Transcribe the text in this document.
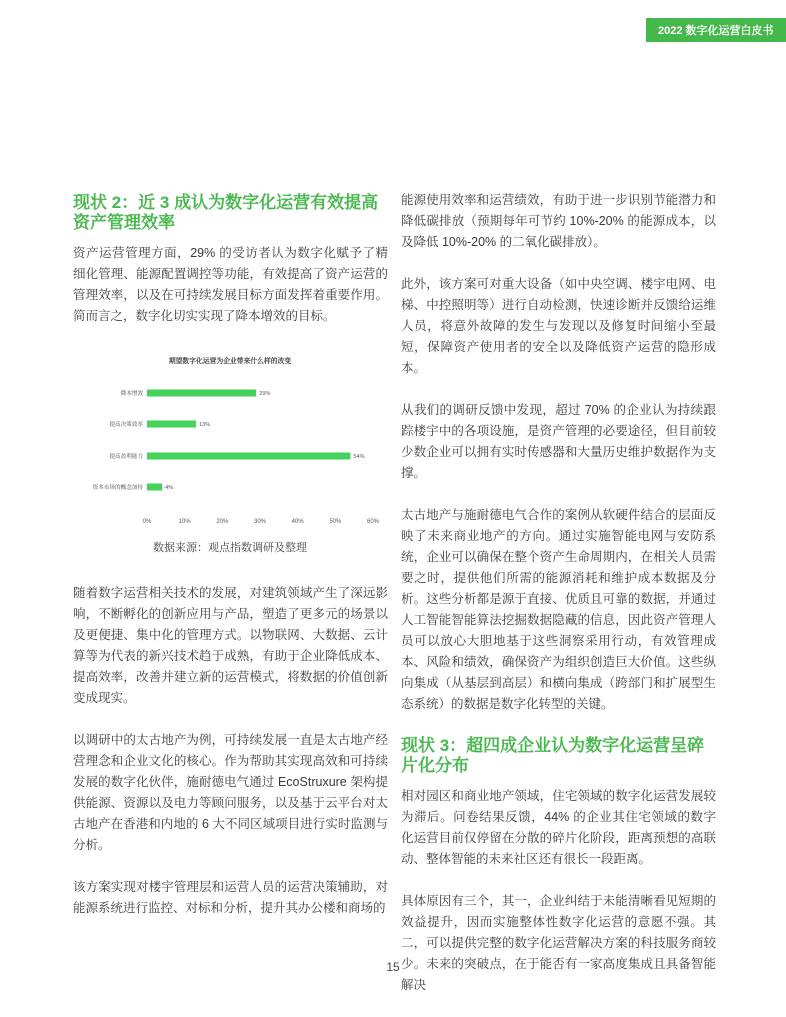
2022 数字化运营白皮书
现状 2：近 3 成认为数字化运营有效提高资产管理效率

资产运营管理方面，29% 的受访者认为数字化赋予了精细化管理、能源配置调控等功能，有效提高了资产运营的管理效率，以及在可持续发展目标方面发挥着重要作用。简而言之，数字化切实实现了降本增效的目标。

期望数字化运营为企业带来什么样的改变
降本增效	29%
提高决策效率	13%
提高盈利能力	54%
资本市场的概念加持	4%
0%	10%	20%	30%	40%	50%	60%
数据来源：观点指数调研及整理

随着数字运营相关技术的发展，对建筑领域产生了深远影响，不断孵化的创新应用与产品，塑造了更多元的场景以及更便捷、集中化的管理方式。以物联网、大数据、云计算等为代表的新兴技术趋于成熟，有助于企业降低成本、提高效率，改善并建立新的运营模式，将数据的价值创新变成现实。

以调研中的太古地产为例，可持续发展一直是太古地产经营理念和企业文化的核心。作为帮助其实现高效和可持续发展的数字化伙伴，施耐德电气通过 EcoStruxure 架构提供能源、资源以及电力等顾问服务，以及基于云平台对太古地产在香港和内地的 6 大不同区域项目进行实时监测与分析。

该方案实现对楼宇管理层和运营人员的运营决策辅助，对能源系统进行监控、对标和分析，提升其办公楼和商场的

能源使用效率和运营绩效，有助于进一步识别节能潜力和降低碳排放（预期每年可节约 10%-20% 的能源成本，以及降低 10%-20% 的二氧化碳排放）。

此外，该方案可对重大设备（如中央空调、楼宇电网、电梯、中控照明等）进行自动检测，快速诊断并反馈给运维人员，将意外故障的发生与发现以及修复时间缩小至最短，保障资产使用者的安全以及降低资产运营的隐形成本。

从我们的调研反馈中发现，超过 70% 的企业认为持续跟踪楼宇中的各项设施，是资产管理的必要途径，但目前较少数企业可以拥有实时传感器和大量历史维护数据作为支撑。

太古地产与施耐德电气合作的案例从软硬件结合的层面反映了未来商业地产的方向。通过实施智能电网与安防系统，企业可以确保在整个资产生命周期内，在相关人员需要之时，提供他们所需的能源消耗和维护成本数据及分析。这些分析都是源于直接、优质且可靠的数据，并通过人工智能智能算法挖掘数据隐藏的信息，因此资产管理人员可以放心大胆地基于这些洞察采用行动，有效管理成本、风险和绩效，确保资产为组织创造巨大价值。这些纵向集成（从基层到高层）和横向集成（跨部门和扩展型生态系统）的数据是数字化转型的关键。

现状 3：超四成企业认为数字化运营呈碎片化分布

相对园区和商业地产领域，住宅领域的数字化运营发展较为滞后。问卷结果反馈，44% 的企业其住宅领域的数字化运营目前仅停留在分散的碎片化阶段，距离预想的高联动、整体智能的未来社区还有很长一段距离。

具体原因有三个，其一，企业纠结于未能清晰看见短期的效益提升，因而实施整体性数字化运营的意愿不强。其二，可以提供完整的数字化运营解决方案的科技服务商较少。未来的突破点，在于能否有一家高度集成且具备智能解决

15
